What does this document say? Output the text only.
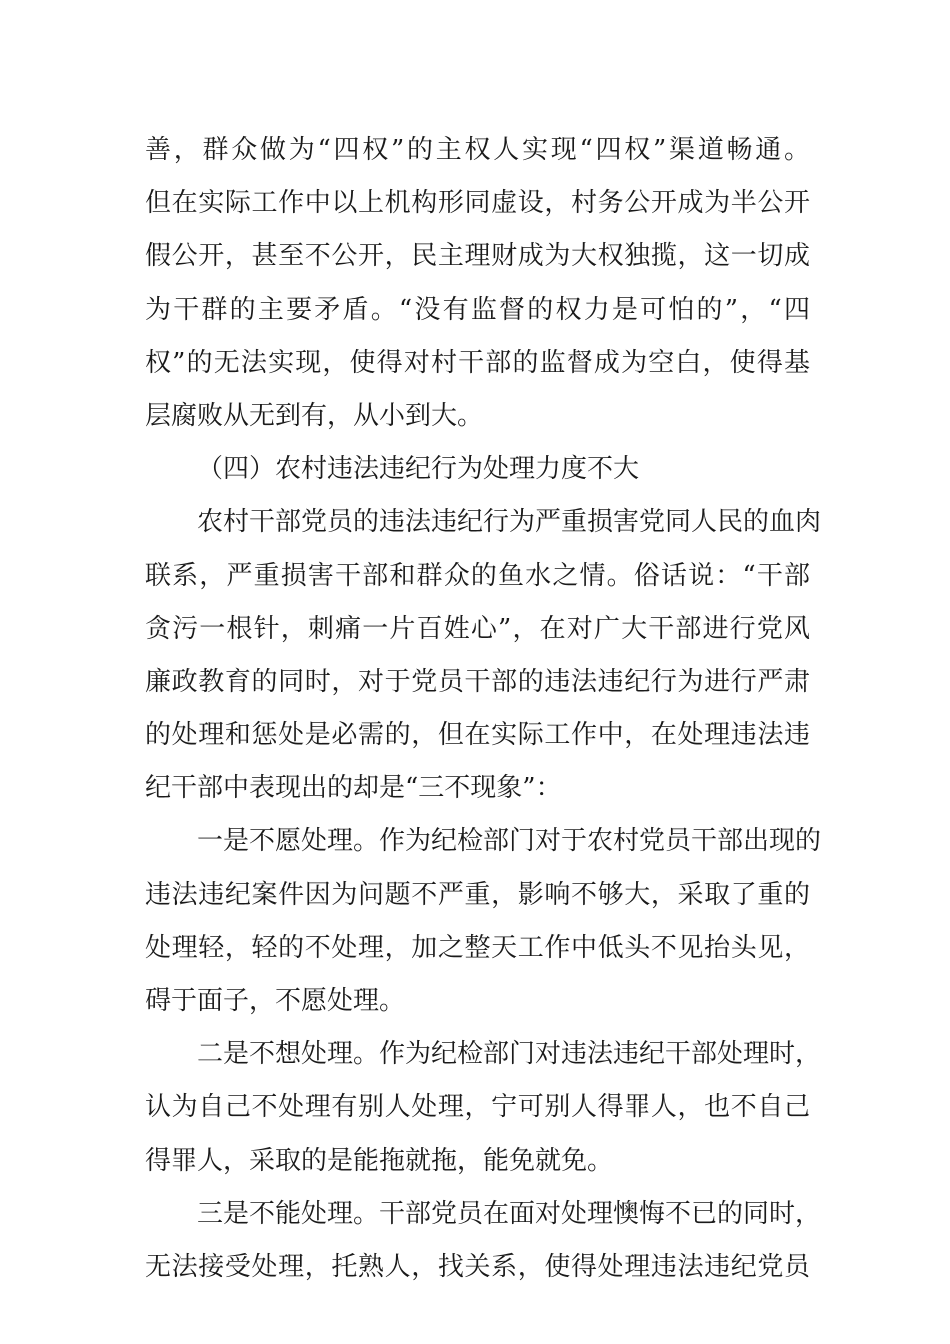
善，群众做为“四权”的主权人实现“四权”渠道畅通。
但在实际工作中以上机构形同虚设，村务公开成为半公开
假公开，甚至不公开，民主理财成为大权独揽，这一切成
为干群的主要矛盾。“没有监督的权力是可怕的”，“四
权”的无法实现，使得对村干部的监督成为空白，使得基
层腐败从无到有，从小到大。
（四）农村违法违纪行为处理力度不大
农村干部党员的违法违纪行为严重损害党同人民的血肉
联系，严重损害干部和群众的鱼水之情。俗话说：“干部
贪污一根针，刺痛一片百姓心”，在对广大干部进行党风
廉政教育的同时，对于党员干部的违法违纪行为进行严肃
的处理和惩处是必需的，但在实际工作中，在处理违法违
纪干部中表现出的却是“三不现象”：
一是不愿处理。作为纪检部门对于农村党员干部出现的
违法违纪案件因为问题不严重，影响不够大，采取了重的
处理轻，轻的不处理，加之整天工作中低头不见抬头见，
碍于面子，不愿处理。
二是不想处理。作为纪检部门对违法违纪干部处理时，
认为自己不处理有别人处理，宁可别人得罪人，也不自己
得罪人，采取的是能拖就拖，能免就免。
三是不能处理。干部党员在面对处理懊悔不已的同时，
无法接受处理，托熟人，找关系，使得处理违法违纪党员
